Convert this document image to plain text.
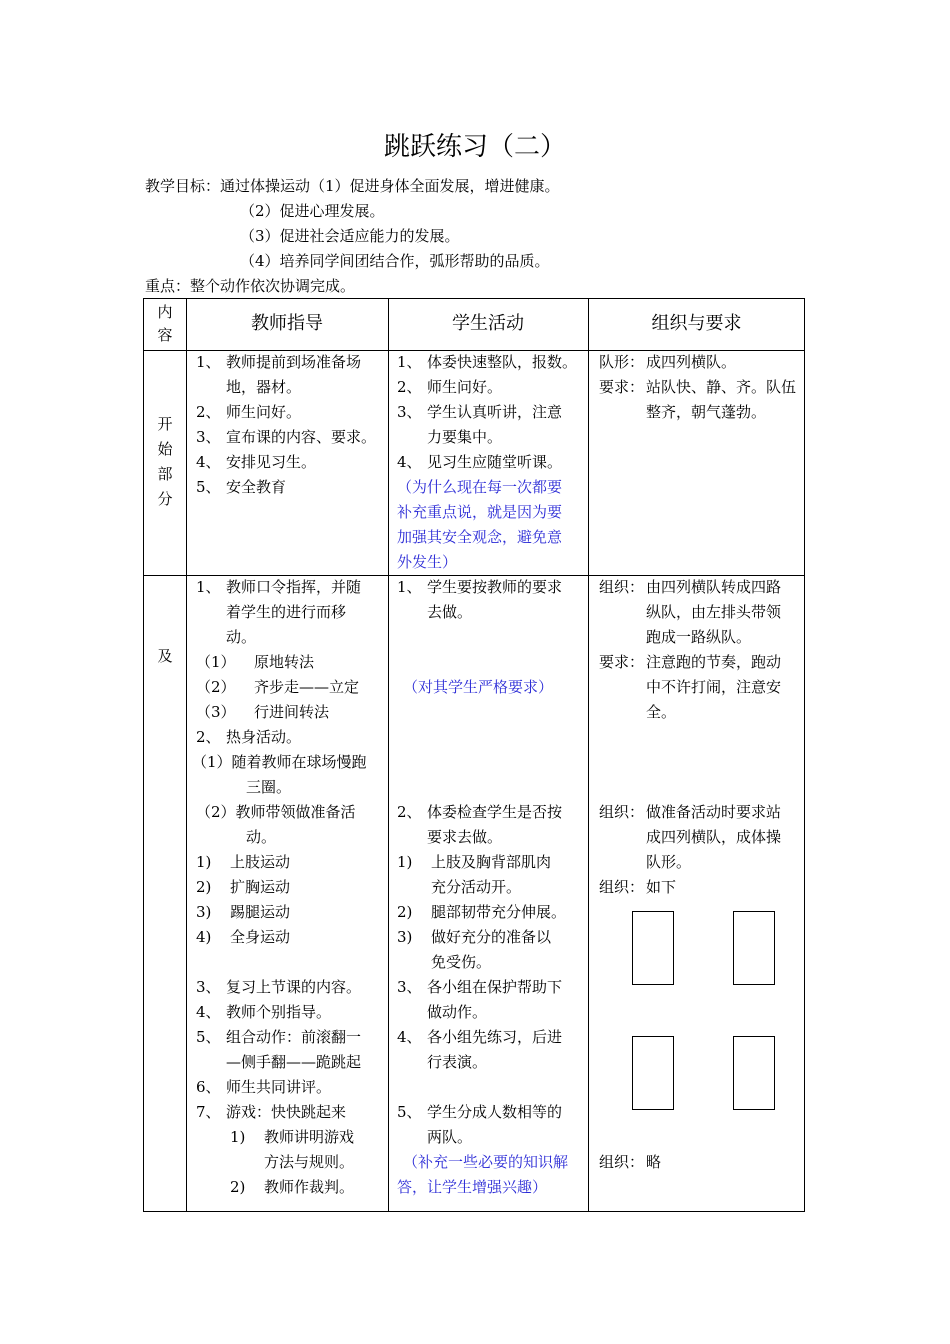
跳跃练习（二）
教学目标：通过体操运动（1）促进身体全面发展，增进健康。
（2）促进心理发展。
（3）促进社会适应能力的发展。
（4）培养同学间团结合作，弧形帮助的品质。
重点：整个动作依次协调完成。
内
容
教师指导	学生活动	组织与要求
开
始
部
分
1、 教师提前到场准备场
地，器材。
2、 师生问好。
3、 宣布课的内容、要求。
4、 安排见习生。
5、 安全教育
1、 体委快速整队，报数。
2、 师生问好。
3、 学生认真听讲，注意
力要集中。
4、 见习生应随堂听课。
（为什么现在每一次都要
补充重点说，就是因为要
加强其安全观念，避免意
外发生）
队形： 成四列横队。
要求： 站队快、静、齐。队伍
整齐，朝气蓬勃。
及
1、 教师口令指挥，并随
着学生的进行而移
动。
（1） 原地转法
（2） 齐步走——立定
（3） 行进间转法
2、 热身活动。
（1）随着教师在球场慢跑
三圈。
（2）教师带领做准备活
动。
1) 上肢运动
2) 扩胸运动
3) 踢腿运动
4) 全身运动
3、 复习上节课的内容。
4、 教师个别指导。
5、 组合动作：前滚翻一
—侧手翻——跪跳起
6、 师生共同讲评。
7、 游戏：快快跳起来
1) 教师讲明游戏
方法与规则。
2) 教师作裁判。
1、 学生要按教师的要求
去做。
（对其学生严格要求）
2、 体委检查学生是否按
要求去做。
1) 上肢及胸背部肌肉
充分活动开。
2) 腿部韧带充分伸展。
3) 做好充分的准备以
免受伤。
3、 各小组在保护帮助下
做动作。
4、 各小组先练习，后进
行表演。
5、 学生分成人数相等的
两队。
（补充一些必要的知识解
答，让学生增强兴趣）
组织： 由四列横队转成四路
纵队，由左排头带领
跑成一路纵队。
要求： 注意跑的节奏，跑动
中不许打闹，注意安
全。
组织： 做准备活动时要求站
成四列横队，成体操
队形。
组织： 如下
组织： 略
